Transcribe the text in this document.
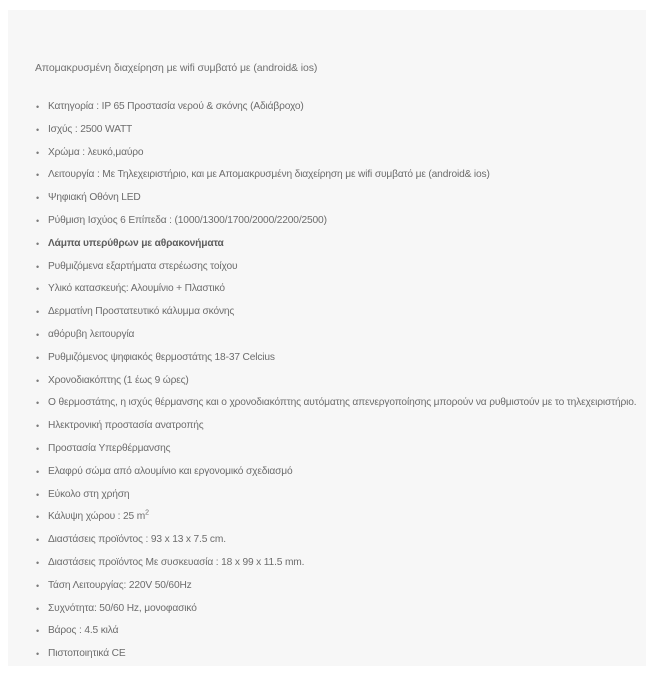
Απομακρυσμένη διαχείρηση με wifi συμβατό με (android& ios)

• Κατηγορία : IP 65 Προστασία νερού & σκόνης (Αδιάβροχο)
• Ισχύς : 2500 WATT
• Χρώμα : λευκό,μαύρο
• Λειτουργία : Με Τηλεχειριστήριο, και με Απομακρυσμένη διαχείρηση με wifi συμβατό με (android& ios)
• Ψηφιακή Οθόνη LED
• Ρύθμιση Ισχύος 6 Επίπεδα : (1000/1300/1700/2000/2200/2500)
• Λάμπα υπερύθρων με αθρακονήματα
• Ρυθμιζόμενα εξαρτήματα στερέωσης τοίχου
• Υλικό κατασκευής: Αλουμίνιο + Πλαστικό
• Δερματίνη Προστατευτικό κάλυμμα σκόνης
• αθόρυβη λειτουργία
• Ρυθμιζόμενος ψηφιακός θερμοστάτης 18-37 Celcius
• Χρονοδιακόπτης (1 έως 9 ώρες)
• Ο θερμοστάτης, η ισχύς θέρμανσης και ο χρονοδιακόπτης αυτόματης απενεργοποίησης μπορούν να ρυθμιστούν με το τηλεχειριστήριο.
• Ηλεκτρονική προστασία ανατροπής
• Προστασία Υπερθέρμανσης
• Ελαφρύ σώμα από αλουμίνιο και εργονομικό σχεδιασμό
• Εύκολο στη χρήση
• Κάλυψη χώρου : 25 $m^2$
• Διαστάσεις προϊόντος : 93 x 13 x 7.5 cm.
• Διαστάσεις προϊόντος Με συσκευασία : 18 x 99 x 11.5 mm.
• Τάση Λειτουργίας: 220V 50/60Hz
• Συχνότητα: 50/60 Hz, μονοφασικό
• Βάρος : 4.5 κιλά
• Πιστοποιητικά CE
